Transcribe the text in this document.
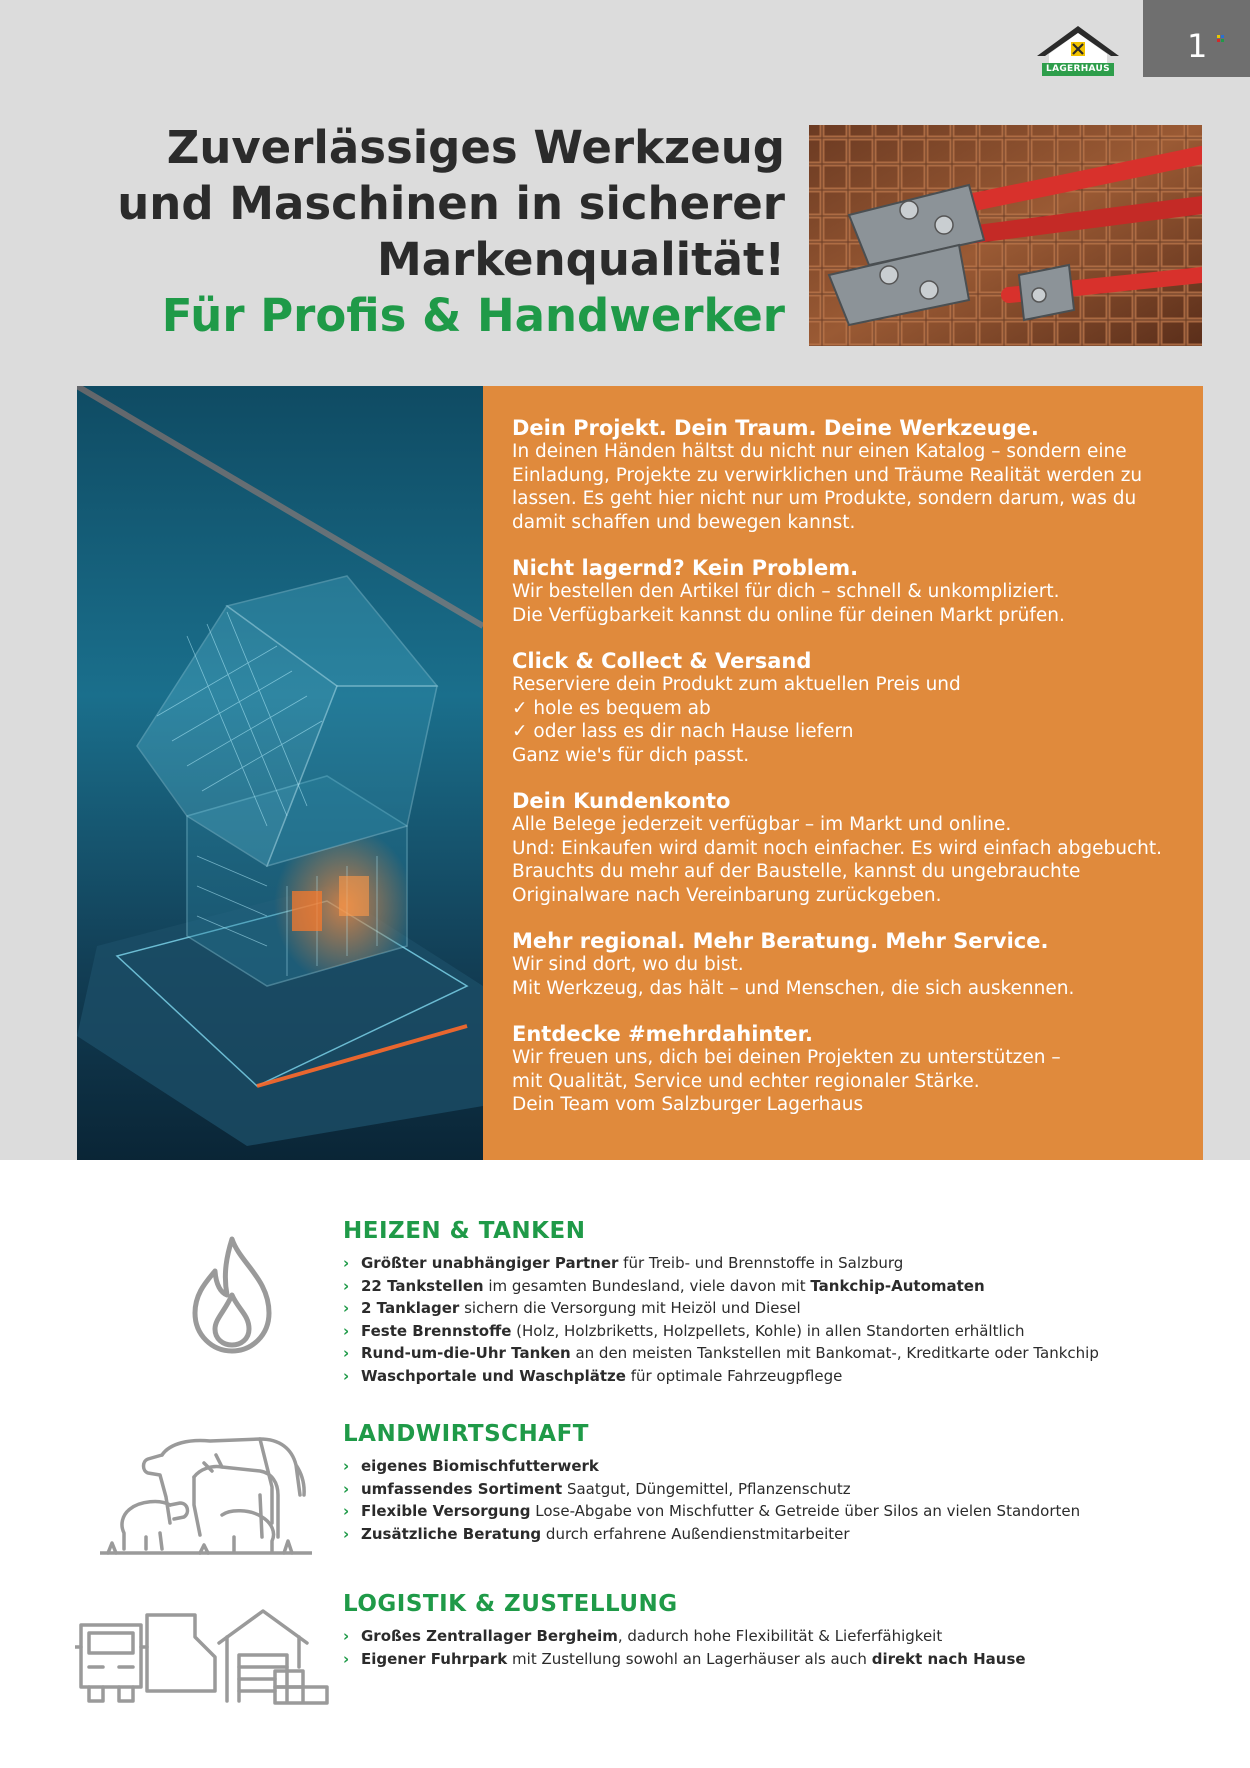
1
LAGERHAUS
Zuverlässiges Werkzeug
und Maschinen in sicherer
Markenqualität!
Für Profis & Handwerker
Dein Projekt. Dein Traum. Deine Werkzeuge.

In deinen Händen hältst du nicht nur einen Katalog – sondern eine

Einladung, Projekte zu verwirklichen und Träume Realität werden zu

lassen. Es geht hier nicht nur um Produkte, sondern darum, was du

damit schaffen und bewegen kannst.

Nicht lagernd? Kein Problem.

Wir bestellen den Artikel für dich – schnell & unkompliziert.

Die Verfügbarkeit kannst du online für deinen Markt prüfen.

Click & Collect & Versand

Reserviere dein Produkt zum aktuellen Preis und

✓ hole es bequem ab

✓ oder lass es dir nach Hause liefern

Ganz wie's für dich passt.

Dein Kundenkonto

Alle Belege jederzeit verfügbar – im Markt und online.

Und: Einkaufen wird damit noch einfacher. Es wird einfach abgebucht.

Brauchts du mehr auf der Baustelle, kannst du ungebrauchte

Originalware nach Vereinbarung zurückgeben.

Mehr regional. Mehr Beratung. Mehr Service.

Wir sind dort, wo du bist.

Mit Werkzeug, das hält – und Menschen, die sich auskennen.

Entdecke #mehrdahinter.

Wir freuen uns, dich bei deinen Projekten zu unterstützen –

mit Qualität, Service und echter regionaler Stärke.

Dein Team vom Salzburger Lagerhaus

HEIZEN & TANKEN
› Größter unabhängiger Partner für Treib- und Brennstoffe in Salzburg
› 22 Tankstellen im gesamten Bundesland, viele davon mit Tankchip-Automaten
› 2 Tanklager sichern die Versorgung mit Heizöl und Diesel
› Feste Brennstoffe (Holz, Holzbriketts, Holzpellets, Kohle) in allen Standorten erhältlich
› Rund-um-die-Uhr Tanken an den meisten Tankstellen mit Bankomat-, Kreditkarte oder Tankchip
› Waschportale und Waschplätze für optimale Fahrzeugpflege
LANDWIRTSCHAFT
› eigenes Biomischfutterwerk
› umfassendes Sortiment Saatgut, Düngemittel, Pflanzenschutz
› Flexible Versorgung Lose-Abgabe von Mischfutter & Getreide über Silos an vielen Standorten
› Zusätzliche Beratung durch erfahrene Außendienstmitarbeiter
LOGISTIK & ZUSTELLUNG
› Großes Zentrallager Bergheim, dadurch hohe Flexibilität & Lieferfähigkeit
› Eigener Fuhrpark mit Zustellung sowohl an Lagerhäuser als auch direkt nach Hause
